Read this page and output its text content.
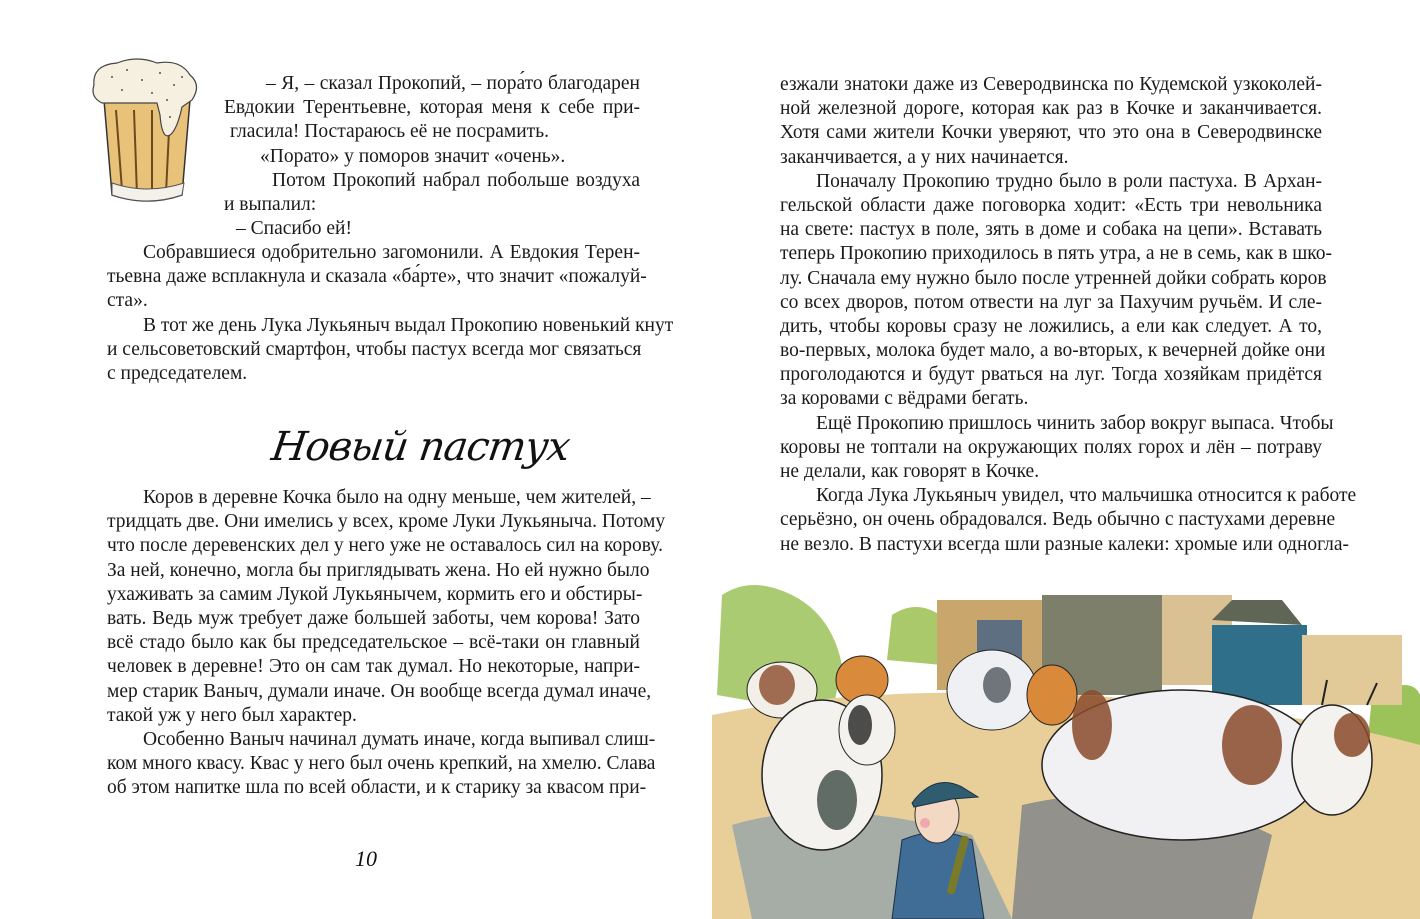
– Я, – сказал Прокопий, – пора́то благодарен
Евдокии Терентьевне, которая меня к себе при-
гласила! Постараюсь её не посрамить.
«Порато» у поморов значит «очень».
Потом Прокопий набрал побольше воздуха
и выпалил:
– Спасибо ей!
Собравшиеся одобрительно загомонили. А Евдокия Терен-
тьевна даже всплакнула и сказала «ба́рте», что значит «пожалуй-
ста».
В тот же день Лука Лукьяныч выдал Прокопию новенький кнут
и сельсоветовский смартфон, чтобы пастух всегда мог связаться
с председателем.
Новый пастух
Коров в деревне Кочка было на одну меньше, чем жителей, –
тридцать две. Они имелись у всех, кроме Луки Лукьяныча. Потому
что после деревенских дел у него уже не оставалось сил на корову.
За ней, конечно, могла бы приглядывать жена. Но ей нужно было
ухаживать за самим Лукой Лукьянычем, кормить его и обстиры-
вать. Ведь муж требует даже большей заботы, чем корова! Зато
всё стадо было как бы председательское – всё-таки он главный
человек в деревне! Это он сам так думал. Но некоторые, напри-
мер старик Ваныч, думали иначе. Он вообще всегда думал иначе,
такой уж у него был характер.
Особенно Ваныч начинал думать иначе, когда выпивал слиш-
ком много квасу. Квас у него был очень крепкий, на хмелю. Слава
об этом напитке шла по всей области, и к старику за квасом при-
10
езжали знатоки даже из Северодвинска по Кудемской узкоколей-
ной железной дороге, которая как раз в Кочке и заканчивается.
Хотя сами жители Кочки уверяют, что это она в Северодвинске
заканчивается, а у них начинается.
Поначалу Прокопию трудно было в роли пастуха. В Архан-
гельской области даже поговорка ходит: «Есть три невольника
на свете: пастух в поле, зять в доме и собака на цепи». Вставать
теперь Прокопию приходилось в пять утра, а не в семь, как в шко-
лу. Сначала ему нужно было после утренней дойки собрать коров
со всех дворов, потом отвести на луг за Пахучим ручьём. И сле-
дить, чтобы коровы сразу не ложились, а ели как следует. А то,
во-первых, молока будет мало, а во-вторых, к вечерней дойке они
проголодаются и будут рваться на луг. Тогда хозяйкам придётся
за коровами с вёдрами бегать.
Ещё Прокопию пришлось чинить забор вокруг выпаса. Чтобы
коровы не топтали на окружающих полях горох и лён – потраву
не делали, как говорят в Кочке.
Когда Лука Лукьяныч увидел, что мальчишка относится к работе
серьёзно, он очень обрадовался. Ведь обычно с пастухами деревне
не везло. В пастухи всегда шли разные калеки: хромые или одногла-
